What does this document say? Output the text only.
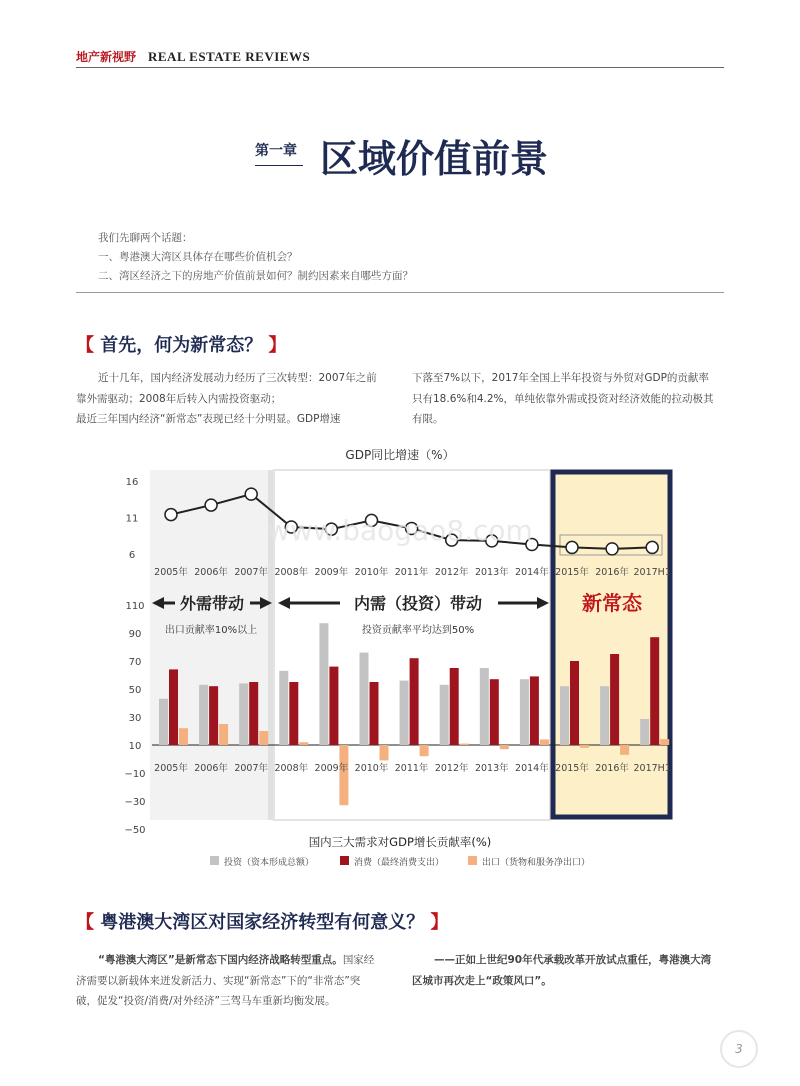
地产新视野 REAL ESTATE REVIEWS
第一章 区域价值前景
我们先聊两个话题：
一、粤港澳大湾区具体存在哪些价值机会？
二、湾区经济之下的房地产价值前景如何？制约因素来自哪些方面？
【 首先，何为新常态？ 】
近十几年，国内经济发展动力经历了三次转型：2007年之前
靠外需驱动；2008年后转入内需投资驱动；
最近三年国内经济“新常态”表现已经十分明显。GDP增速
下落至7%以下，2017年全国上半年投资与外贸对GDP的贡献率
只有18.6%和4.2%，单纯依靠外需或投资对经济效能的拉动极其
有限。
GDP同比增速（%）
16
11
6
2005年 2006年 2007年 2008年 2009年 2010年 2011年 2012年 2013年 2014年 2015年 2016年 2017H1
www.baogao8.com
外需带动	内需（投资）带动	新常态
出口贡献率10%以上	投资贡献率平均达到50%
110
90
70
50
30
10
−10
−30
−50
2005年 2006年 2007年 2008年 2009年 2010年 2011年 2012年 2013年 2014年 2015年 2016年 2017H1
国内三大需求对GDP增长贡献率(%)
投资（资本形成总额）	消费（最终消费支出）	出口（货物和服务净出口）
【 粤港澳大湾区对国家经济转型有何意义？ 】
“粤港澳大湾区”是新常态下国内经济战略转型重点。国家经
济需要以新载体来迸发新活力、实现“新常态”下的“非常态”突
破，促发“投资/消费/对外经济”三驾马车重新均衡发展。
——正如上世纪90年代承载改革开放试点重任，粤港澳大湾
区城市再次走上“政策风口”。
3
